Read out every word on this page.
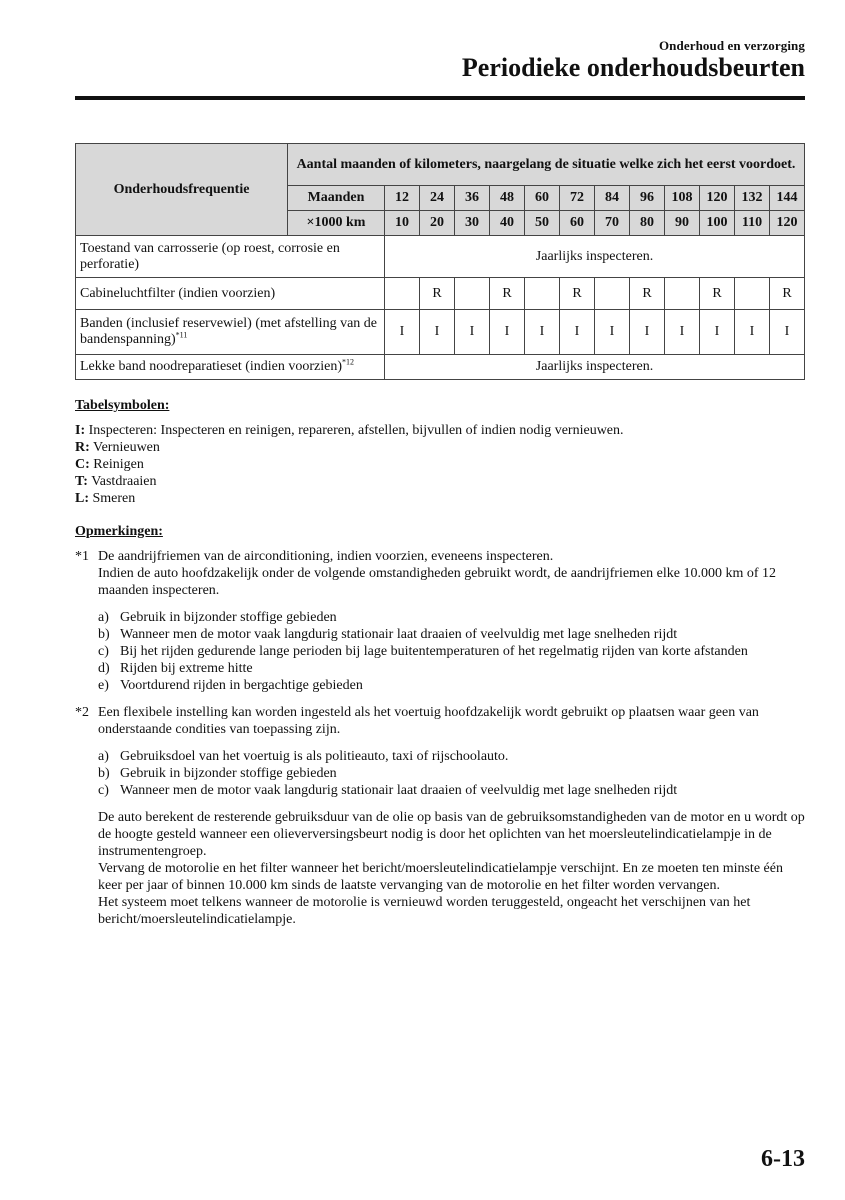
Onderhoud en verzorging
Periodieke onderhoudsbeurten
Onderhoudsfrequentie	Aantal maanden of kilometers, naargelang de situatie welke zich het eerst voordoet.												
	Maanden	12	24	36	48	60	72	84	96	108	120	132	144
	×1000 km	10	20	30	40	50	60	70	80	90	100	110	120
Toestand van carrosserie (op roest, corrosie en perforatie)		Jaarlijks inspecteren.											
Cabineluchtfilter (indien voorzien)			R		R		R		R		R		R
Banden (inclusief reservewiel) (met afstelling van de bandenspanning)$^{*11}$		I	I	I	I	I	I	I	I	I	I	I	I
Lekke band noodreparatieset (indien voorzien)$^{*12}$		Jaarlijks inspecteren.											

Tabelsymbolen:

I: Inspecteren: Inspecteren en reinigen, repareren, afstellen, bijvullen of indien nodig vernieuwen.

R: Vernieuwen

C: Reinigen

T: Vastdraaien

L: Smeren

Opmerkingen:

*1 De aandrijfriemen van de airconditioning, indien voorzien, eveneens inspecteren.

Indien de auto hoofdzakelijk onder de volgende omstandigheden gebruikt wordt, de aandrijfriemen elke 10.000 km of 12 maanden inspecteren.

a) Gebruik in bijzonder stoffige gebieden
b) Wanneer men de motor vaak langdurig stationair laat draaien of veelvuldig met lage snelheden rijdt
c) Bij het rijden gedurende lange perioden bij lage buitentemperaturen of het regelmatig rijden van korte afstanden
d) Rijden bij extreme hitte
e) Voortdurend rijden in bergachtige gebieden
*2 Een flexibele instelling kan worden ingesteld als het voertuig hoofdzakelijk wordt gebruikt op plaatsen waar geen van onderstaande condities van toepassing zijn.

a) Gebruiksdoel van het voertuig is als politieauto, taxi of rijschoolauto.
b) Gebruik in bijzonder stoffige gebieden
c) Wanneer men de motor vaak langdurig stationair laat draaien of veelvuldig met lage snelheden rijdt

De auto berekent de resterende gebruiksduur van de olie op basis van de gebruiksomstandigheden van de motor en u wordt op de hoogte gesteld wanneer een olieverversingsbeurt nodig is door het oplichten van het moersleutelindicatielampje in de instrumentengroep.

Vervang de motorolie en het filter wanneer het bericht/moersleutelindicatielampje verschijnt. En ze moeten ten minste één keer per jaar of binnen 10.000 km sinds de laatste vervanging van de motorolie en het filter worden vervangen.

Het systeem moet telkens wanneer de motorolie is vernieuwd worden teruggesteld, ongeacht het verschijnen van het bericht/moersleutelindicatielampje.

6-13
